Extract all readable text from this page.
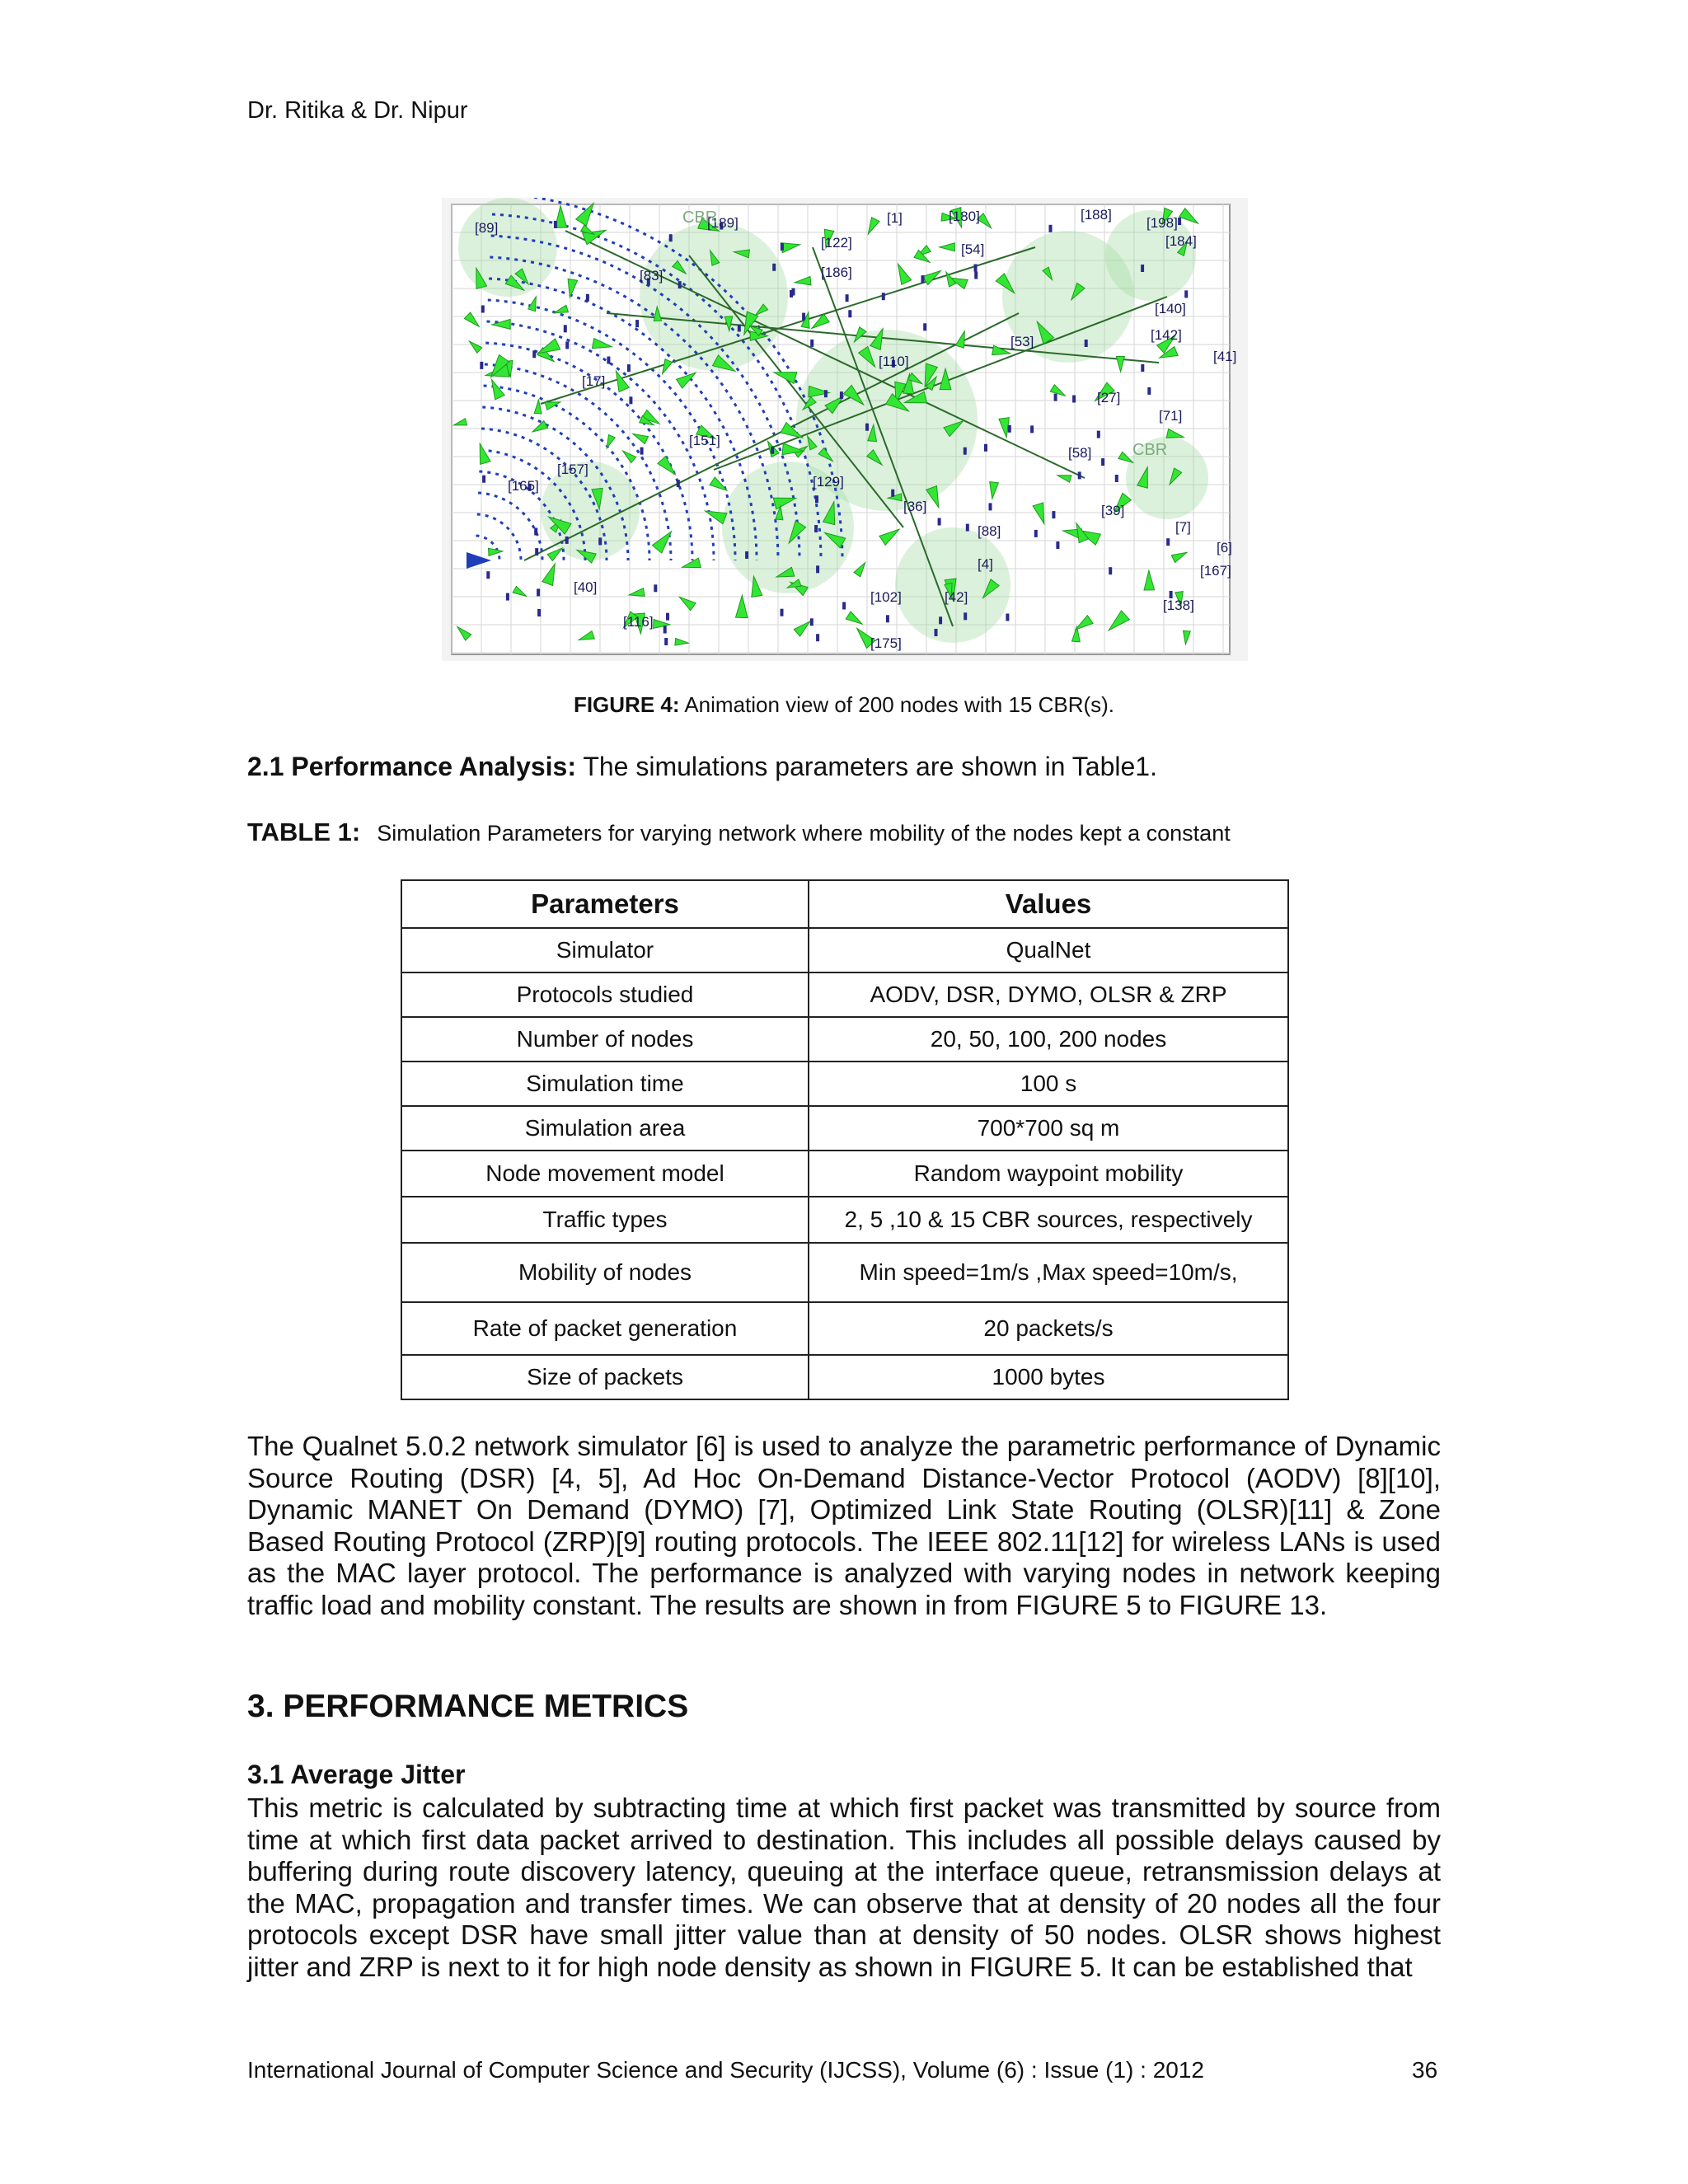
Dr. Ritika & Dr. Nipur
[89]	[189]	[1]	[180]	[188]
[198]
[184]
[140]
[142]
[41]
[27]
[71]
[175]
[138]
[6]
[167]
[4]
[42]
[102]
[116]
[157]
[165]
[40]
[122]	[54]
[83]
[88]
[39]
[7]
[129]
[110]
[58]
[53]
[17]
[186]
[151]
[36]
CBR
CBR
FIGURE 4: Animation view of 200 nodes with 15 CBR(s).
2.1 Performance Analysis: The simulations parameters are shown in Table1.
TABLE 1: Simulation Parameters for varying network where mobility of the nodes kept a constant
Parameters	Values
Simulator	QualNet
Protocols studied	AODV, DSR, DYMO, OLSR & ZRP
Number of nodes	20, 50, 100, 200 nodes
Simulation time	100 s
Simulation area	700*700 sq m
Node movement model	Random waypoint mobility
Traffic types	2, 5 ,10 & 15 CBR sources, respectively
Mobility of nodes	Min speed=1m/s ,Max speed=10m/s,
Rate of packet generation	20 packets/s
Size of packets	1000 bytes
The Qualnet 5.0.2 network simulator [6] is used to analyze the parametric performance of Dynamic Source Routing (DSR) [4, 5], Ad Hoc On-Demand Distance-Vector Protocol (AODV) [8][10], Dynamic MANET On Demand (DYMO) [7], Optimized Link State Routing (OLSR)[11] & Zone Based Routing Protocol (ZRP)[9] routing protocols. The IEEE 802.11[12] for wireless LANs is used as the MAC layer protocol. The performance is analyzed with varying nodes in network keeping traffic load and mobility constant. The results are shown in from FIGURE 5 to FIGURE 13.
3. PERFORMANCE METRICS
3.1 Average Jitter
This metric is calculated by subtracting time at which first packet was transmitted by source from time at which first data packet arrived to destination. This includes all possible delays caused by buffering during route discovery latency, queuing at the interface queue, retransmission delays at the MAC, propagation and transfer times. We can observe that at density of 20 nodes all the four protocols except DSR have small jitter value than at density of 50 nodes. OLSR shows highest jitter and ZRP is next to it for high node density as shown in FIGURE 5. It can be established that
International Journal of Computer Science and Security (IJCSS), Volume (6) : Issue (1) : 2012	36
